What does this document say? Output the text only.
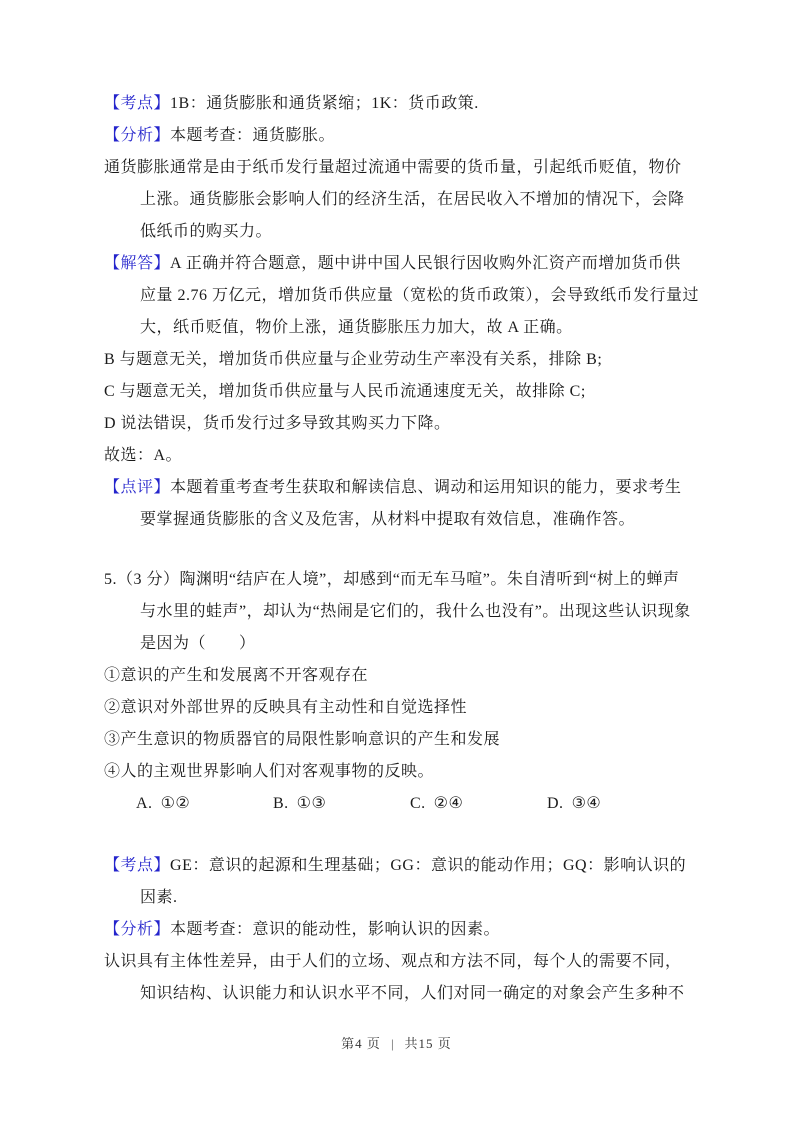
【考点】1B：通货膨胀和通货紧缩；1K：货币政策.
【分析】本题考查：通货膨胀。
通货膨胀通常是由于纸币发行量超过流通中需要的货币量，引起纸币贬值，物价
上涨。通货膨胀会影响人们的经济生活，在居民收入不增加的情况下，会降
低纸币的购买力。
【解答】A 正确并符合题意，题中讲中国人民银行因收购外汇资产而增加货币供
应量 2.76 万亿元，增加货币供应量（宽松的货币政策），会导致纸币发行量过
大，纸币贬值，物价上涨，通货膨胀压力加大，故 A 正确。
B 与题意无关，增加货币供应量与企业劳动生产率没有关系，排除 B;
C 与题意无关，增加货币供应量与人民币流通速度无关，故排除 C;
D 说法错误，货币发行过多导致其购买力下降。
故选：A。
【点评】本题着重考查考生获取和解读信息、调动和运用知识的能力，要求考生
要掌握通货膨胀的含义及危害，从材料中提取有效信息，准确作答。
5.（3 分）陶渊明“结庐在人境”，却感到“而无车马喧”。朱自清听到“树上的蝉声
与水里的蛙声”，却认为“热闹是它们的，我什么也没有”。出现这些认识现象
是因为（　　）
①意识的产生和发展离不开客观存在
②意识对外部世界的反映具有主动性和自觉选择性
③产生意识的物质器官的局限性影响意识的产生和发展
④人的主观世界影响人们对客观事物的反映。
A. ①②	B. ①③	C. ②④	D. ③④
【考点】GE：意识的起源和生理基础；GG：意识的能动作用；GQ：影响认识的
因素.
【分析】本题考查：意识的能动性，影响认识的因素。
认识具有主体性差异，由于人们的立场、观点和方法不同，每个人的需要不同，
知识结构、认识能力和认识水平不同，人们对同一确定的对象会产生多种不
第4 页 | 共15 页
